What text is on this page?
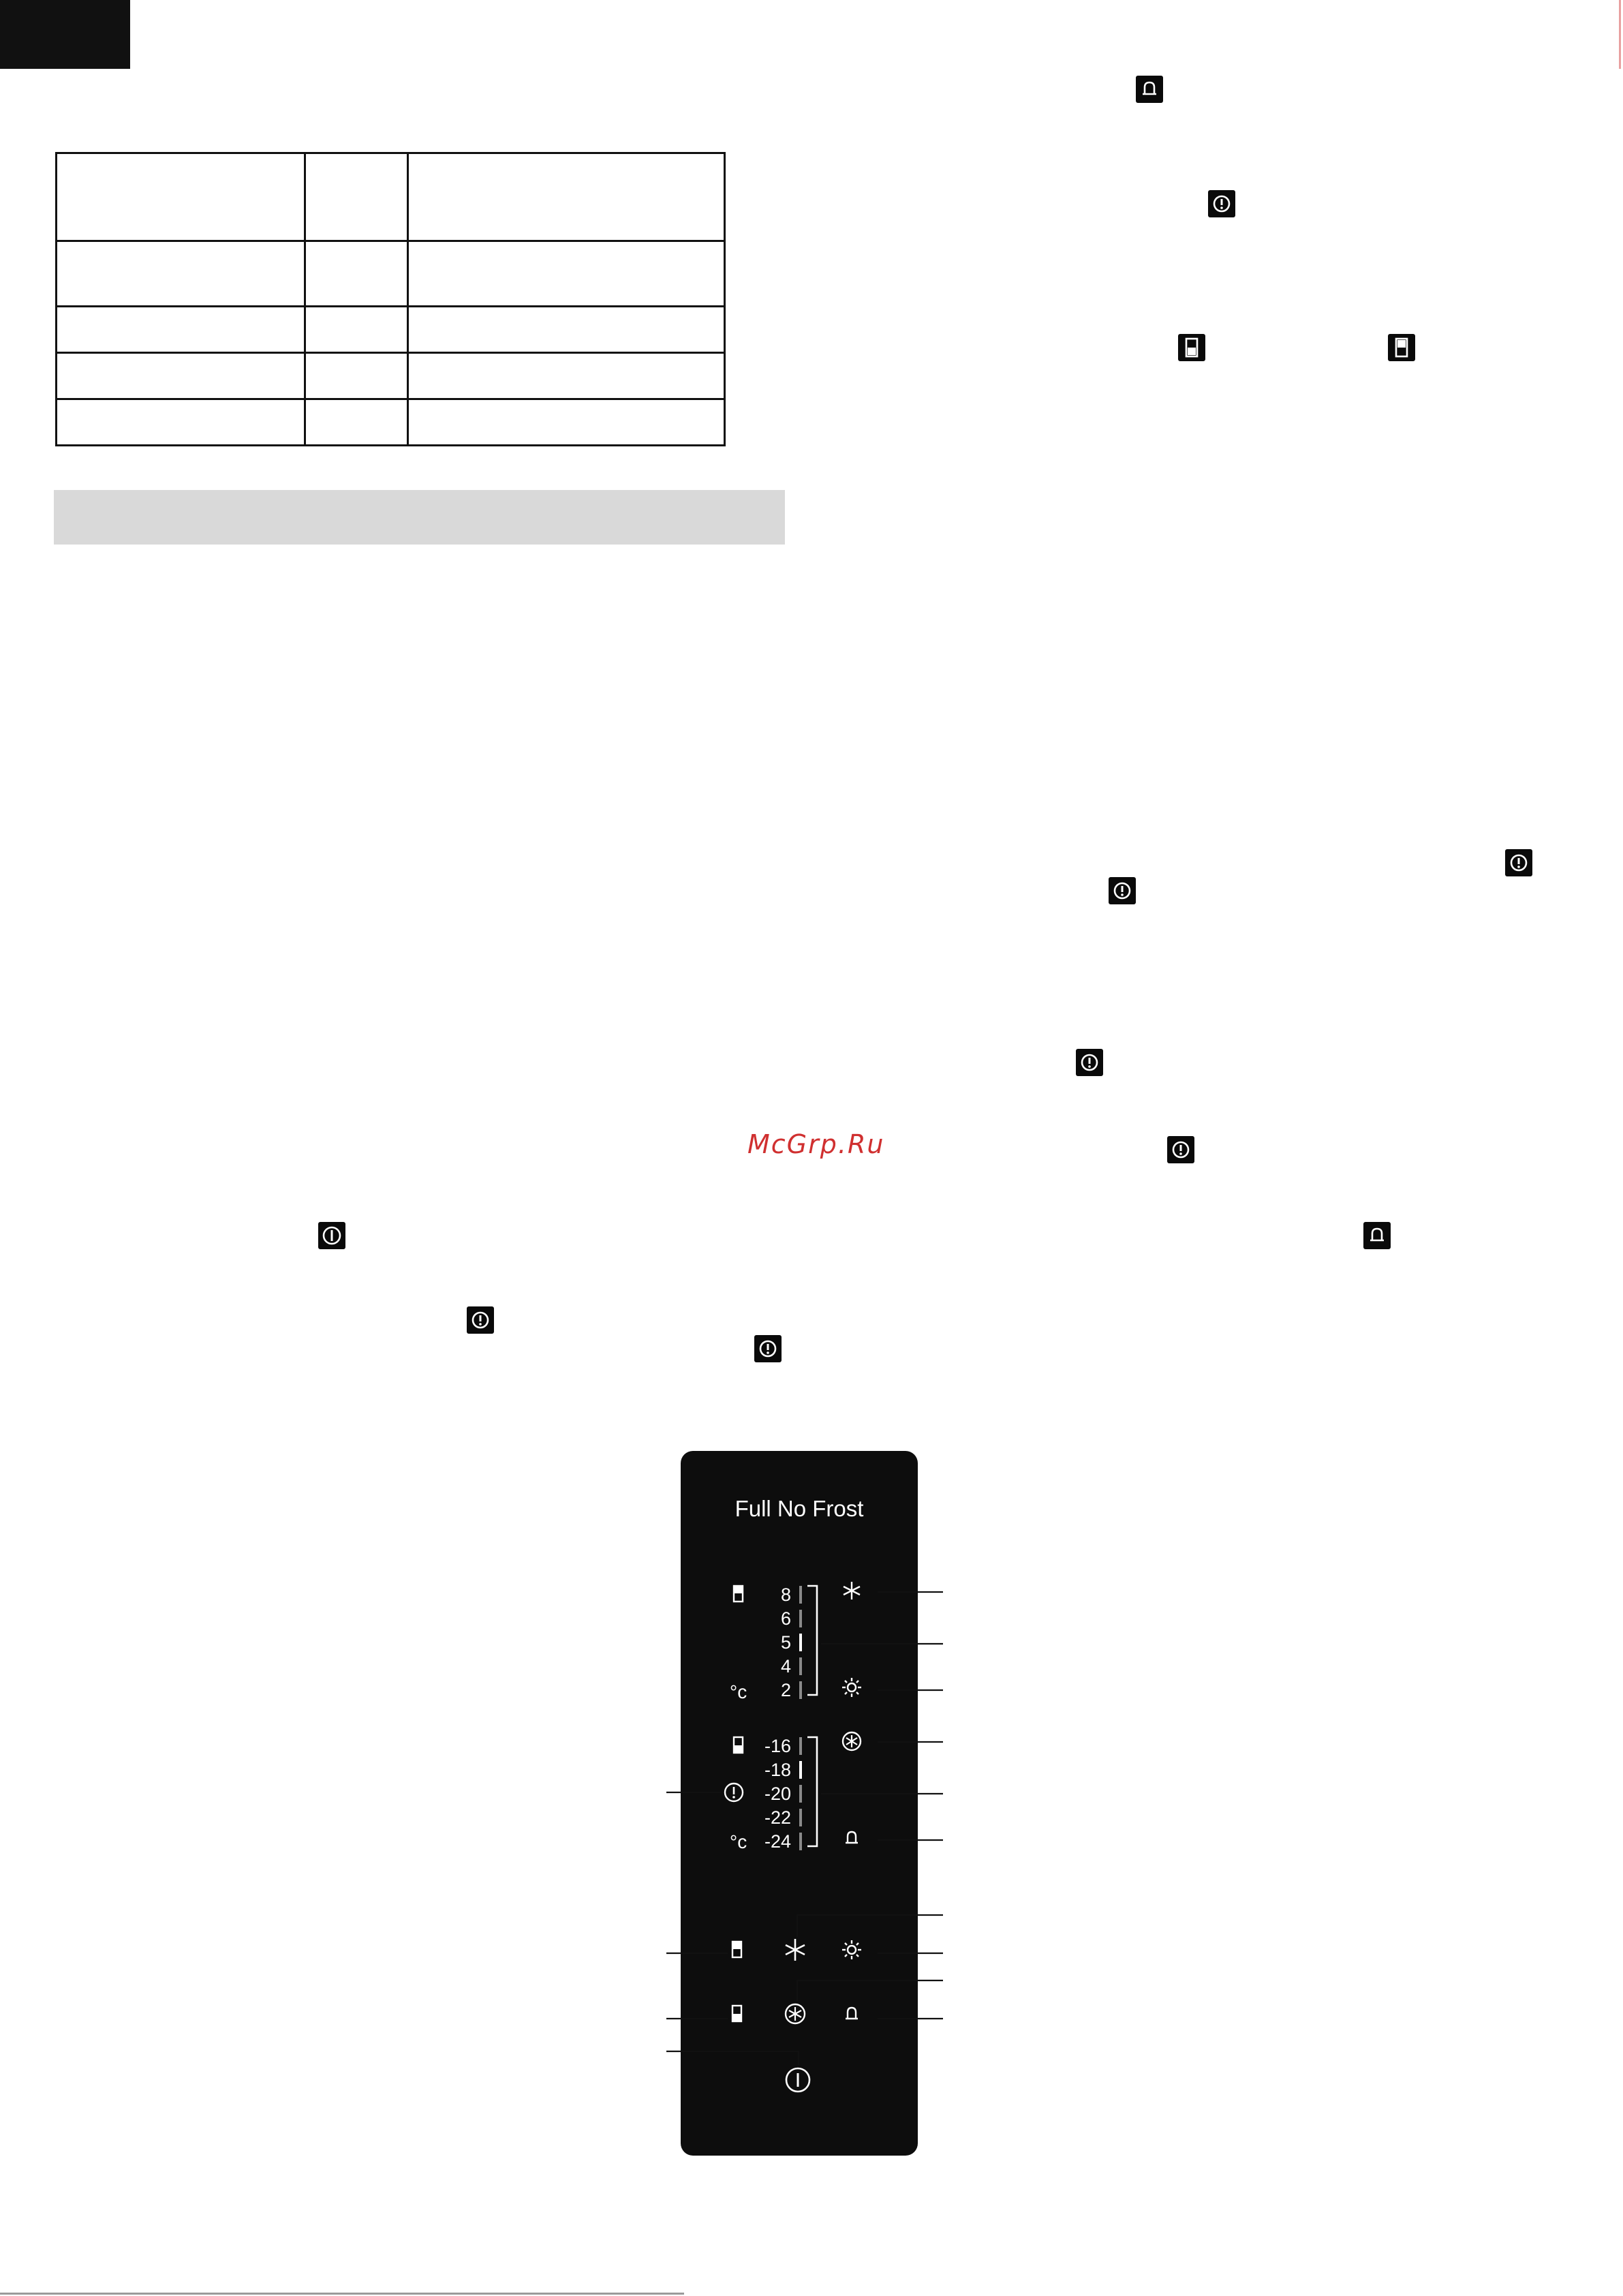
McGrp.Ru
Full No Frost
8
6
5
4
2
°c
-16
-18
-20
-22
-24
°c
